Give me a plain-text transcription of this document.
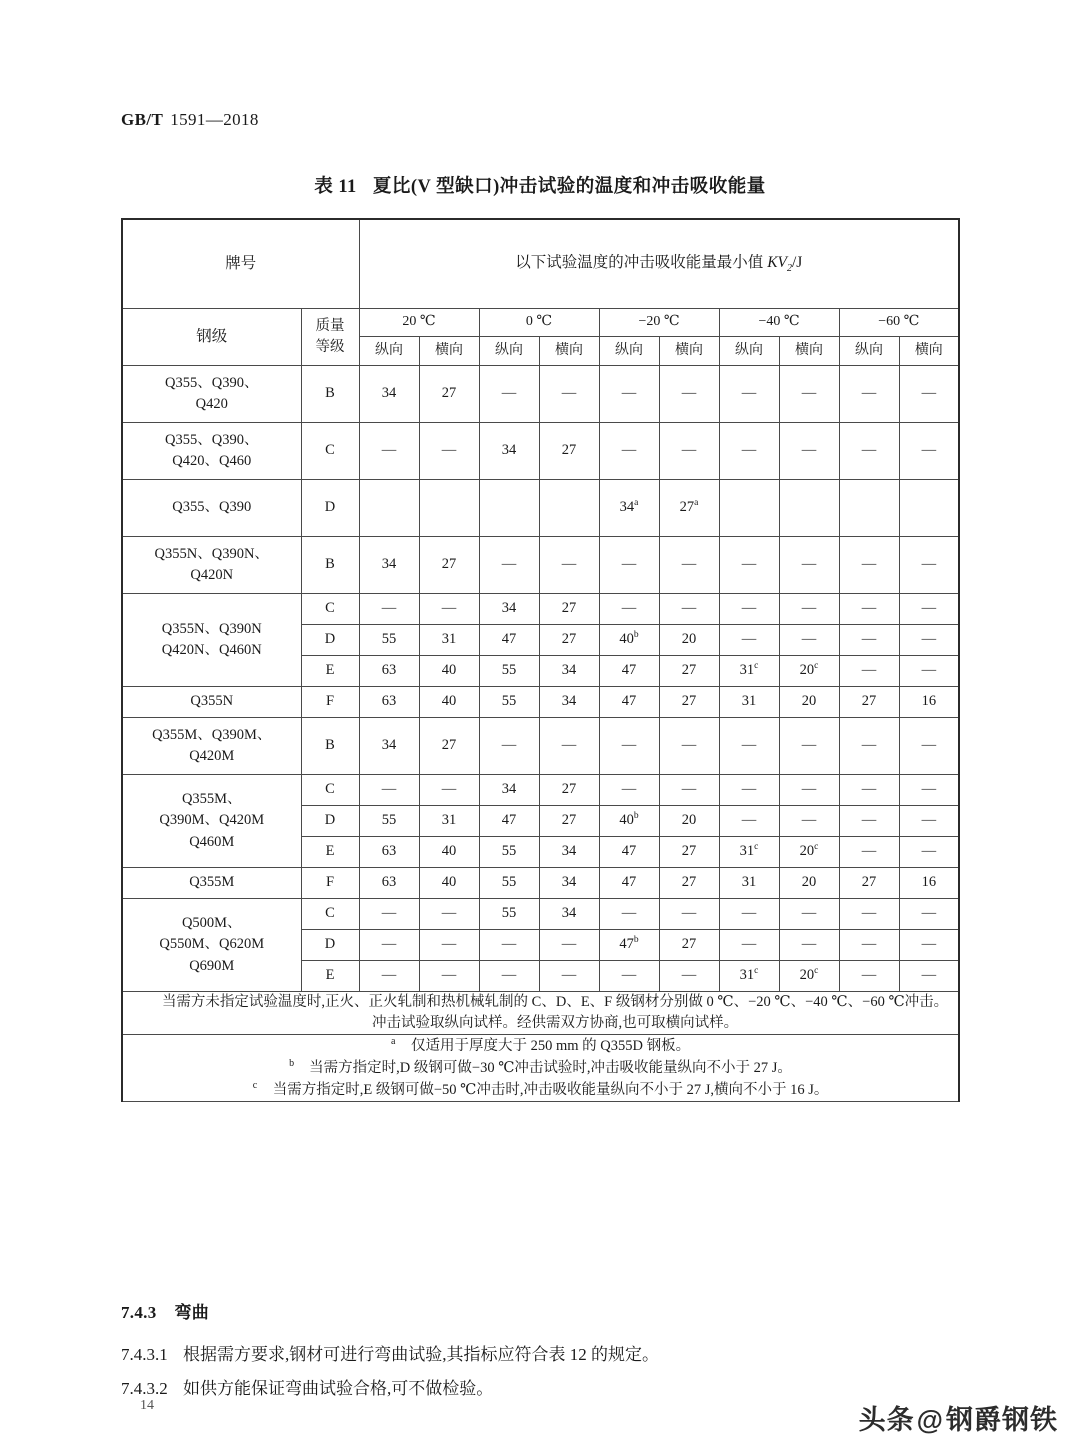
GB/T 1591—2018
表 11 夏比(V 型缺口)冲击试验的温度和冲击吸收能量
牌号		以下试验温度的冲击吸收能量最小值 $KV_2/J$									
钢级	质量
等级	20 ℃		0 ℃		−20 ℃		−40 ℃		−60 ℃	
		纵向	横向	纵向	横向	纵向	横向	纵向	横向	纵向	横向
Q355、Q390、
Q420	B	34	27	—	—	—	—	—	—	—	—
Q355、Q390、
Q420、Q460	C	—	—	34	27	—	—	—	—	—	—
Q355、Q390	D					34$^a$	27$^a$				
Q355N、Q390N、
Q420N	B	34	27	—	—	—	—	—	—	—	—
Q355N、Q390N
Q420N、Q460N	C	—	—	34	27	—	—	—	—	—	—
	D	55	31	47	27	40$^b$	20	—	—	—	—
	E	63	40	55	34	47	27	31$^c$	20$^c$	—	—
Q355N	F	63	40	55	34	47	27	31	20	27	16
Q355M、Q390M、
Q420M	B	34	27	—	—	—	—	—	—	—	—
Q355M、
Q390M、Q420M
Q460M	C	—	—	34	27	—	—	—	—	—	—
	D	55	31	47	27	40$^b$	20	—	—	—	—
	E	63	40	55	34	47	27	31$^c$	20$^c$	—	—
Q355M	F	63	40	55	34	47	27	31	20	27	16
Q500M、
Q550M、Q620M
Q690M	C	—	—	55	34	—	—	—	—	—	—
	D	—	—	—	—	47$^b$	27	—	—	—	—
	E	—	—	—	—	—	—	31$^c$	20$^c$	—	—

当需方未指定试验温度时,正火、正火轧制和热机械轧制的 C、D、E、F 级钢材分别做 0 ℃、−20 ℃、−40 ℃、−60 ℃冲击。

冲击试验取纵向试样。经供需双方协商,也可取横向试样。											

a 仅适用于厚度大于 250 mm 的 Q355D 钢板。
b 当需方指定时,D 级钢可做−30 ℃冲击试验时,冲击吸收能量纵向不小于 27 J。
c 当需方指定时,E 级钢可做−50 ℃冲击时,冲击吸收能量纵向不小于 27 J,横向不小于 16 J。											
7.4.3 弯曲
7.4.3.1 根据需方要求,钢材可进行弯曲试验,其指标应符合表 12 的规定。
7.4.3.2 如供方能保证弯曲试验合格,可不做检验。
14	头条@钢爵钢铁
